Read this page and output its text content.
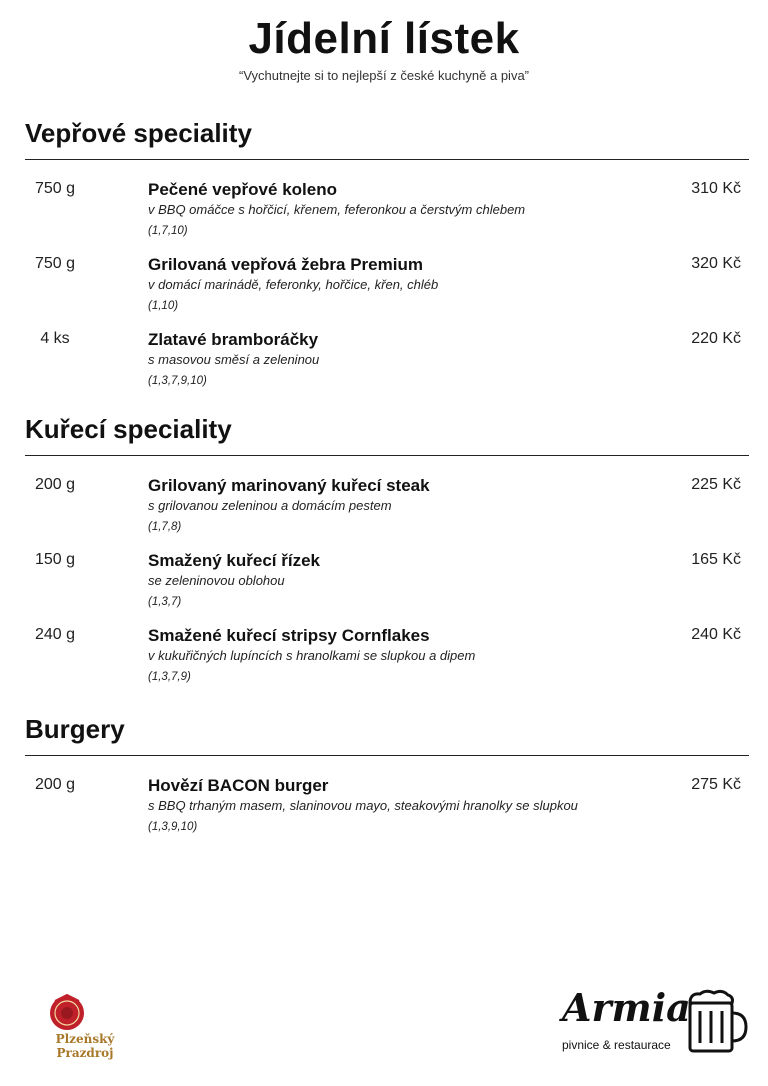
Jídelní lístek
“Vychutnejte si to nejlepší z české kuchyně a piva”
Vepřové speciality
750 g	Pečené vepřové koleno
v BBQ omáčce s hořčicí, křenem, feferonkou a čerstvým chlebem
(1,7,10)
310 Kč
750 g	Grilovaná vepřová žebra Premium
v domácí marinádě, feferonky, hořčice, křen, chléb
(1,10)
320 Kč
4 ks	Zlatavé bramboráčky
s masovou směsí a zeleninou
(1,3,7,9,10)
220 Kč
Kuřecí speciality
200 g	Grilovaný marinovaný kuřecí steak
s grilovanou zeleninou a domácím pestem
(1,7,8)
225 Kč
150 g	Smažený kuřecí řízek
se zeleninovou oblohou
(1,3,7)
165 Kč
240 g	Smažené kuřecí stripsy Cornflakes
v kukuřičných lupíncích s hranolkami se slupkou a dipem
(1,3,7,9)
240 Kč
Burgery
200 g	Hovězí BACON burger
s BBQ trhaným masem, slaninovou mayo, steakovými hranolky se slupkou
(1,3,9,10)
275 Kč
Plzeňský Prazdroj
Armia
pivnice & restaurace
